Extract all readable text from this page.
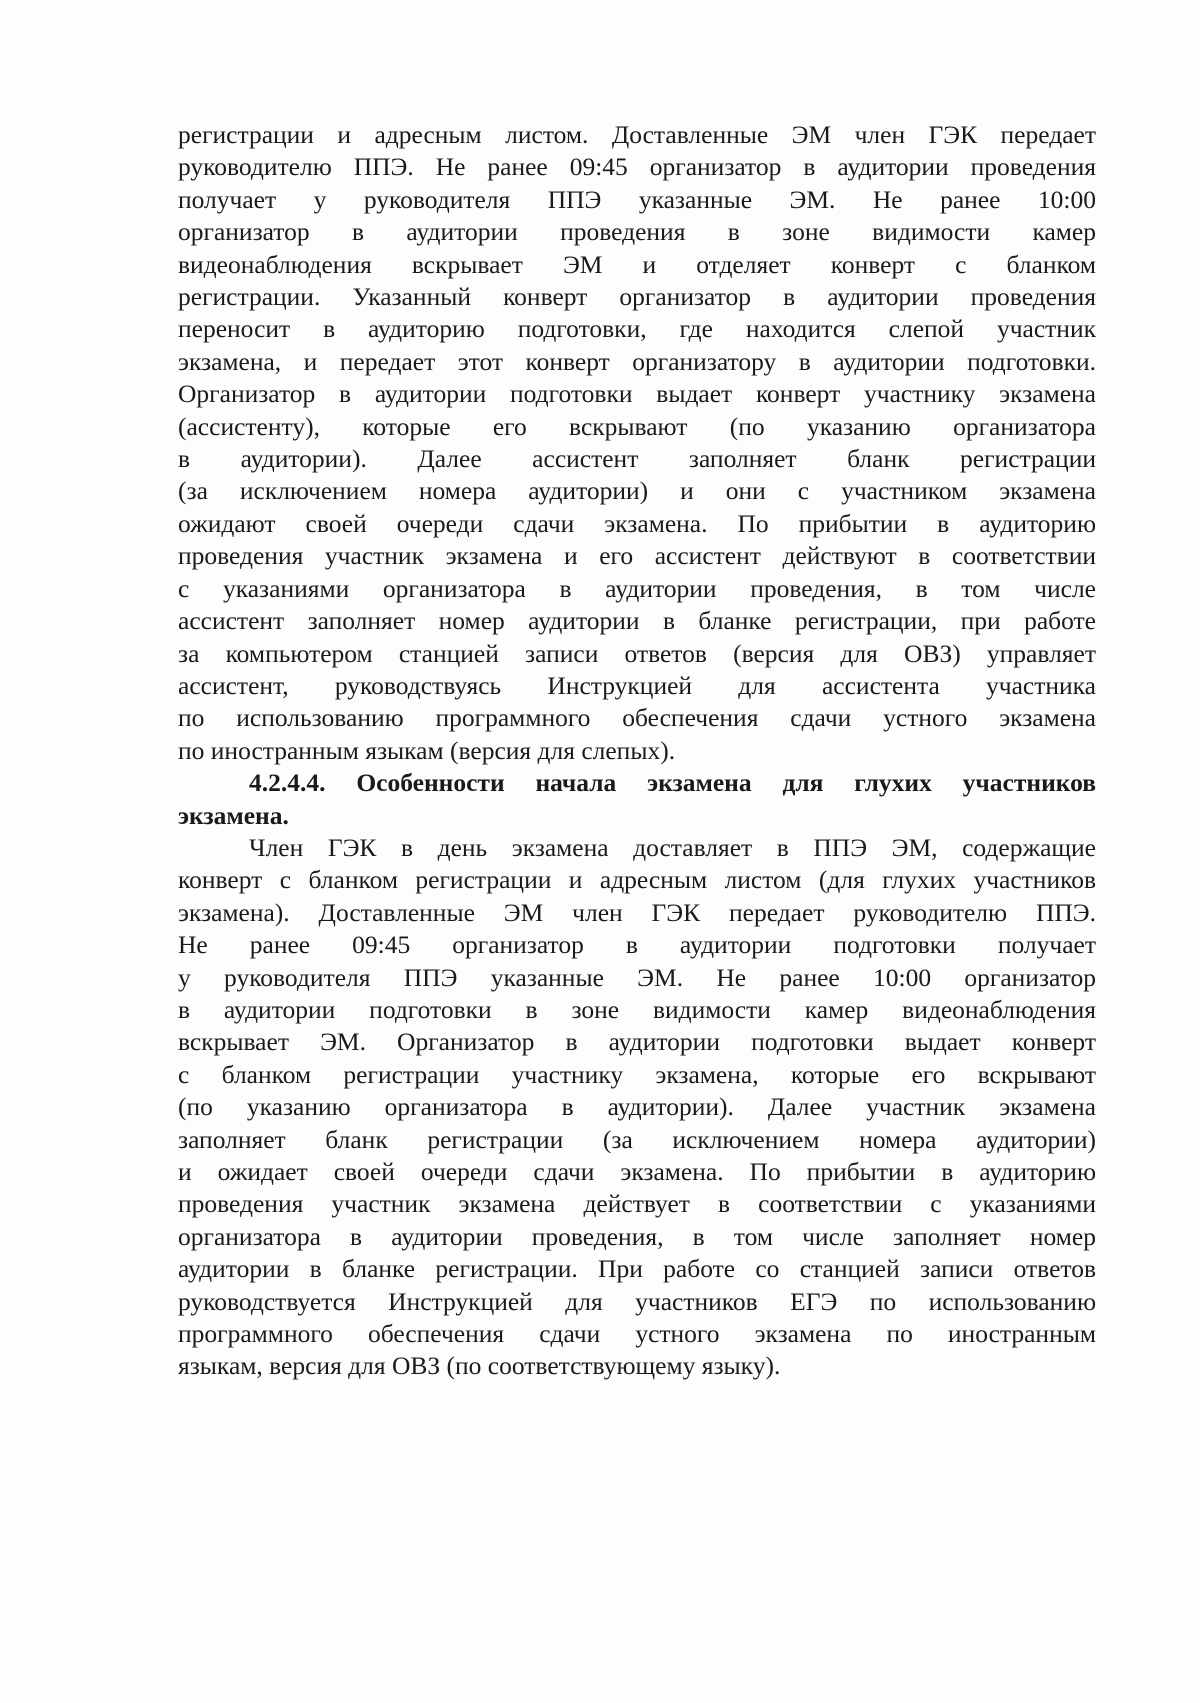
регистрации и адресным листом. Доставленные ЭМ член ГЭК передает
руководителю ППЭ. Не ранее 09:45 организатор в аудитории проведения
получает у руководителя ППЭ указанные ЭМ. Не ранее 10:00
организатор в аудитории проведения в зоне видимости камер
видеонаблюдения вскрывает ЭМ и отделяет конверт с бланком
регистрации. Указанный конверт организатор в аудитории проведения
переносит в аудиторию подготовки, где находится слепой участник
экзамена, и передает этот конверт организатору в аудитории подготовки.
Организатор в аудитории подготовки выдает конверт участнику экзамена
(ассистенту), которые его вскрывают (по указанию организатора
в аудитории). Далее ассистент заполняет бланк регистрации
(за исключением номера аудитории) и они с участником экзамена
ожидают своей очереди сдачи экзамена. По прибытии в аудиторию
проведения участник экзамена и его ассистент действуют в соответствии
с указаниями организатора в аудитории проведения, в том числе
ассистент заполняет номер аудитории в бланке регистрации, при работе
за компьютером станцией записи ответов (версия для ОВЗ) управляет
ассистент, руководствуясь Инструкцией для ассистента участника
по использованию программного обеспечения сдачи устного экзамена
по иностранным языкам (версия для слепых).

4.2.4.4. Особенности начала экзамена для глухих участников
экзамена.

Член ГЭК в день экзамена доставляет в ППЭ ЭМ, содержащие
конверт с бланком регистрации и адресным листом (для глухих участников
экзамена). Доставленные ЭМ член ГЭК передает руководителю ППЭ.
Не ранее 09:45 организатор в аудитории подготовки получает
у руководителя ППЭ указанные ЭМ. Не ранее 10:00 организатор
в аудитории подготовки в зоне видимости камер видеонаблюдения
вскрывает ЭМ. Организатор в аудитории подготовки выдает конверт
с бланком регистрации участнику экзамена, которые его вскрывают
(по указанию организатора в аудитории). Далее участник экзамена
заполняет бланк регистрации (за исключением номера аудитории)
и ожидает своей очереди сдачи экзамена. По прибытии в аудиторию
проведения участник экзамена действует в соответствии с указаниями
организатора в аудитории проведения, в том числе заполняет номер
аудитории в бланке регистрации. При работе со станцией записи ответов
руководствуется Инструкцией для участников ЕГЭ по использованию
программного обеспечения сдачи устного экзамена по иностранным
языкам, версия для ОВЗ (по соответствующему языку).
